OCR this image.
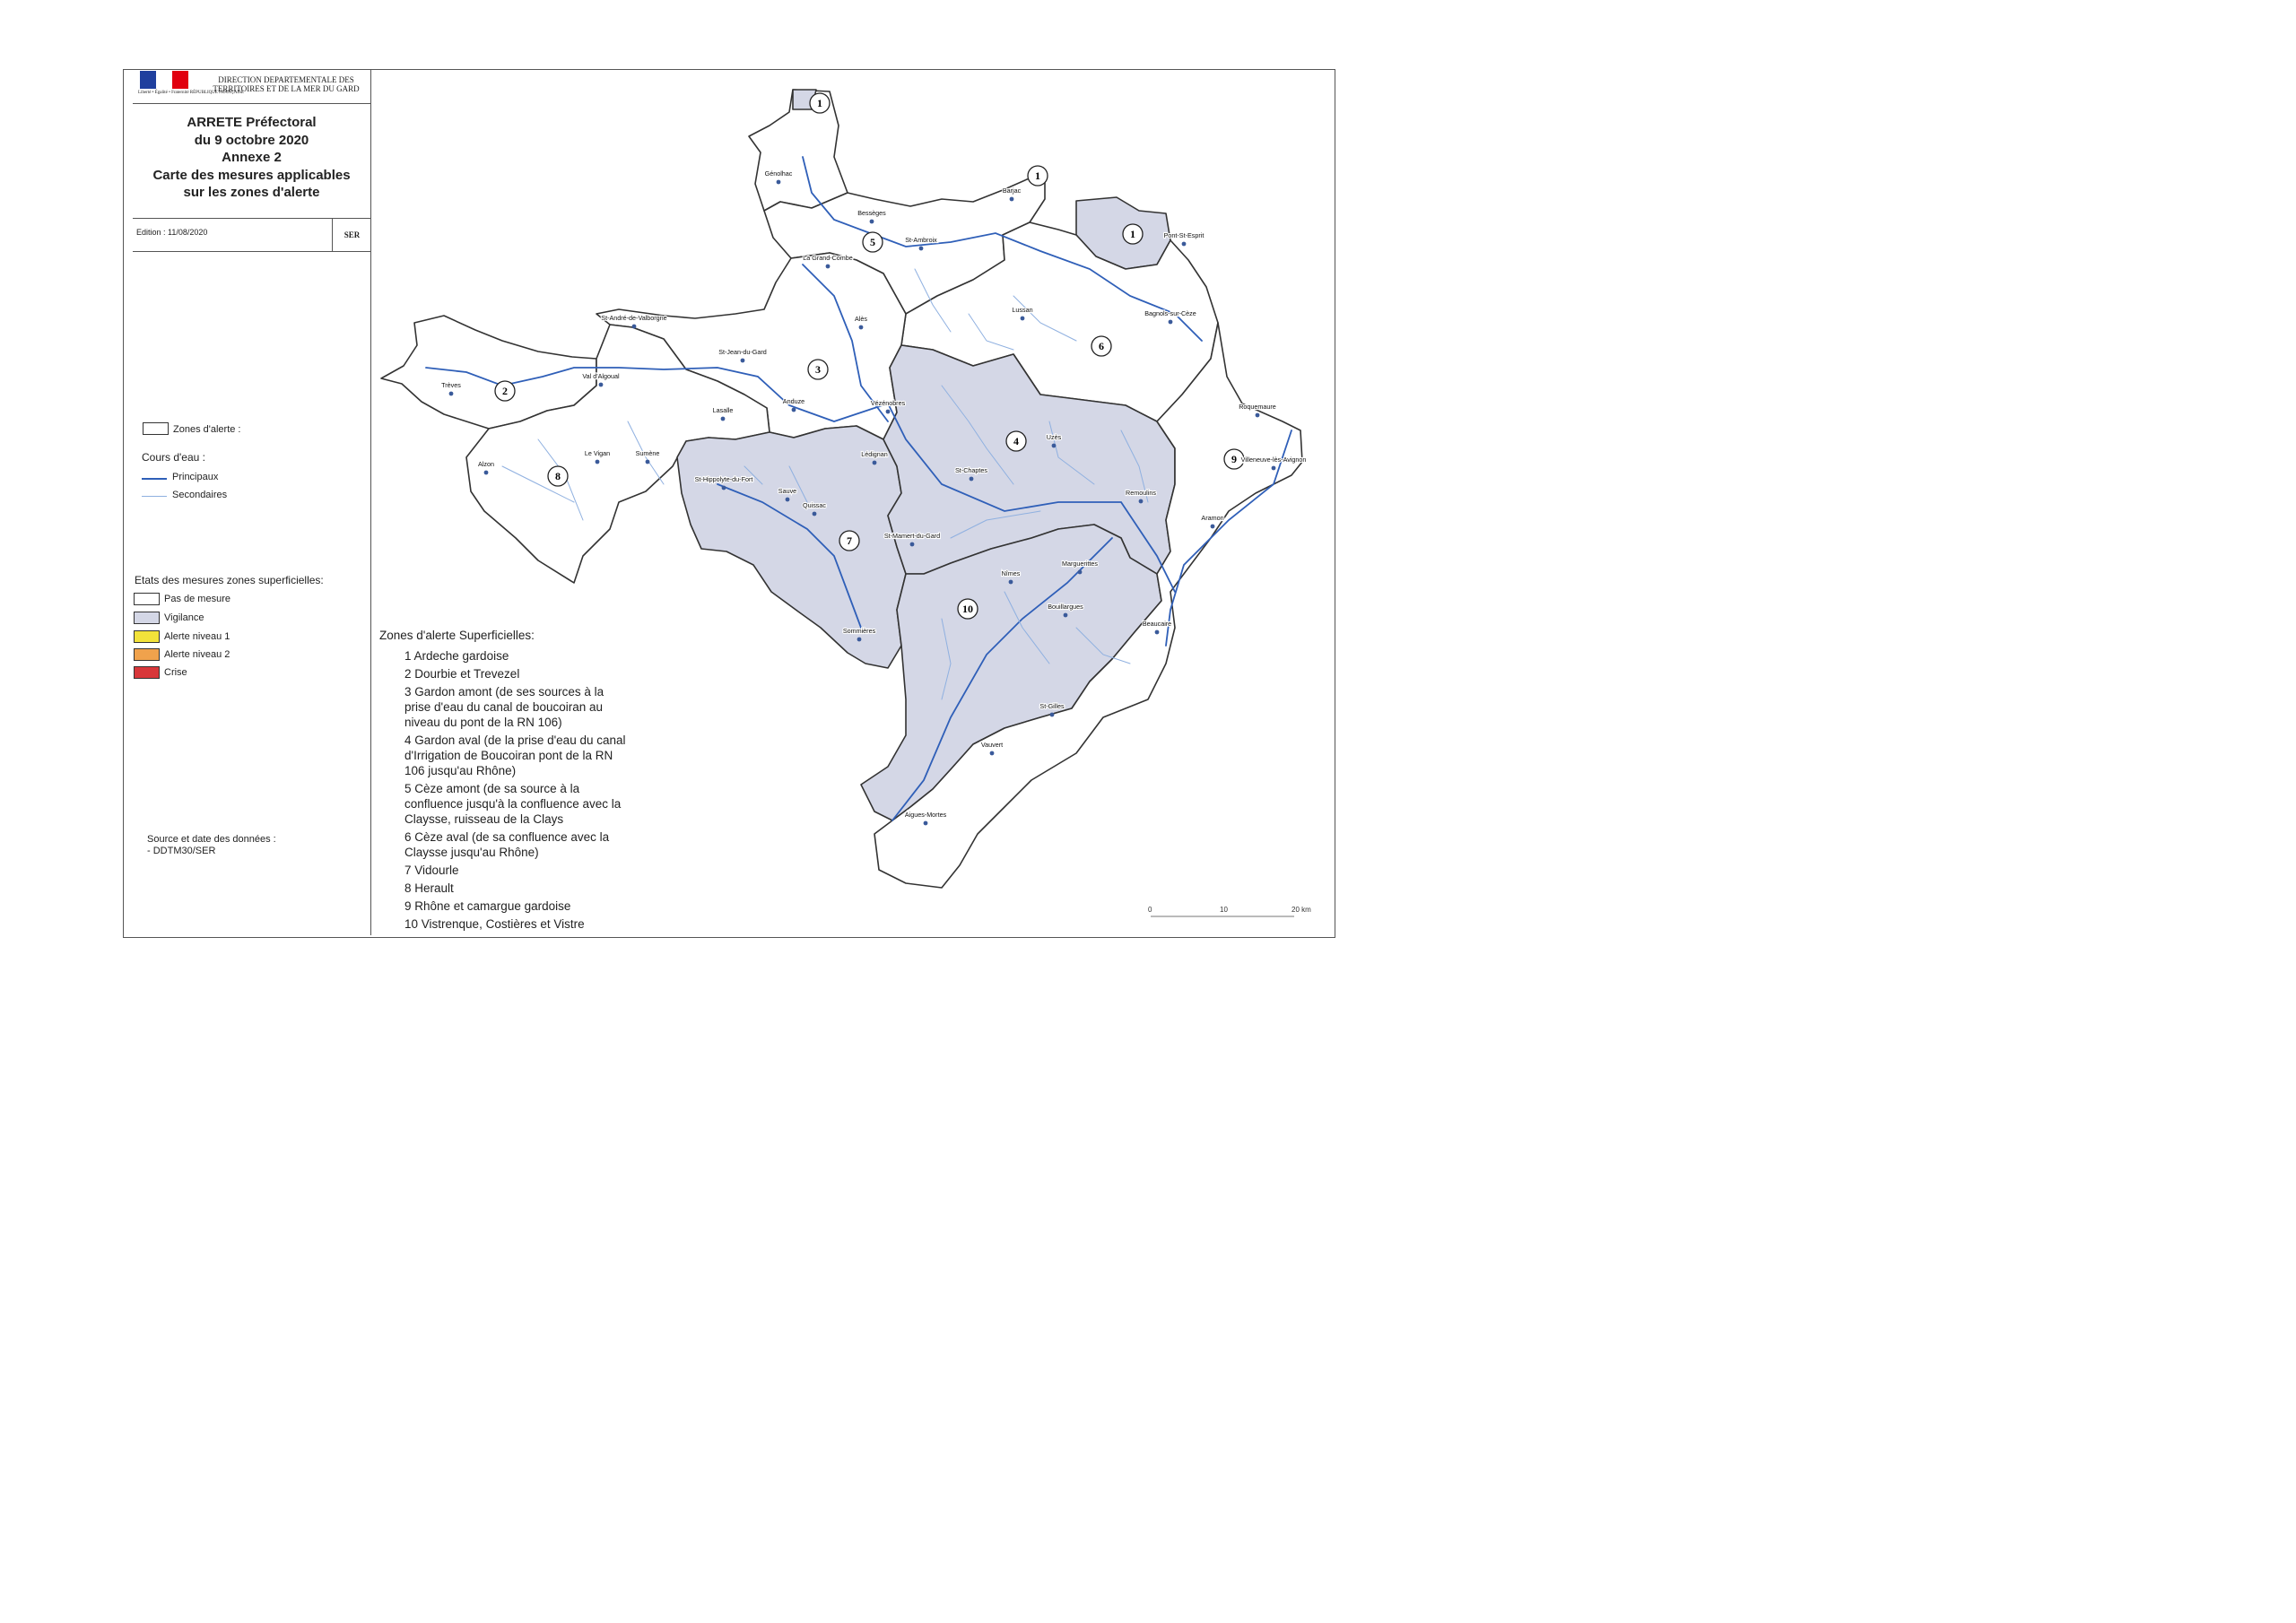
Liberté • Égalité • Fraternité RÉPUBLIQUE FRANÇAISE
DIRECTION DEPARTEMENTALE DES TERRITOIRES ET DE LA MER DU GARD
ARRETE Préfectoral
du 9 octobre 2020
Annexe 2
Carte des mesures applicables
sur les zones d'alerte
Edition : 11/08/2020	SER
Zones d'alerte :
Cours d'eau :
Principaux
Secondaires
Etats des mesures zones superficielles:
Pas de mesure
Vigilance
Alerte niveau 1
Alerte niveau 2
Crise
Source et date des données :
- DDTM30/SER
1
1
1
2
3
4
5
6
7
8
9
10
Génolhac
Bessèges
Barjac
Pont-St-Esprit
St-Ambroix
La Grand-Combe
Lussan	Bagnols-sur-Cèze
St-André-de-Valborgne
St-Jean-du-Gard
Alès
Trèves
Val d'Algoual
Lasalle
Anduze	Vézénobres
Uzès
Roquemaure
Villeneuve-lès-Avignon
Alzon
Le Vigan	Sumène
St-Hippolyte-du-Fort
Sauve
Quissac
Lédignan
St-Chaptes
Remoulins
Aramon
St-Mamert-du-Gard
Nîmes
Marguerittes
Bouillargues
Beaucaire
Sommières
St-Gilles
Vauvert
Aigues-Mortes
0	10	20 km
Zones d'alerte Superficielles:
1 Ardeche gardoise
2 Dourbie et Trevezel
3 Gardon amont (de ses sources à la prise d'eau du canal de boucoiran au niveau du pont de la RN 106)
4 Gardon aval (de la prise d'eau du canal d'Irrigation de Boucoiran pont de la RN 106 jusqu'au Rhône)
5 Cèze amont (de sa source à la confluence jusqu'à la confluence avec la Claysse, ruisseau de la Clays
6 Cèze aval (de sa confluence avec la Claysse jusqu'au Rhône)
7 Vidourle
8 Herault
9 Rhône et camargue gardoise
10 Vistrenque, Costières et Vistre
